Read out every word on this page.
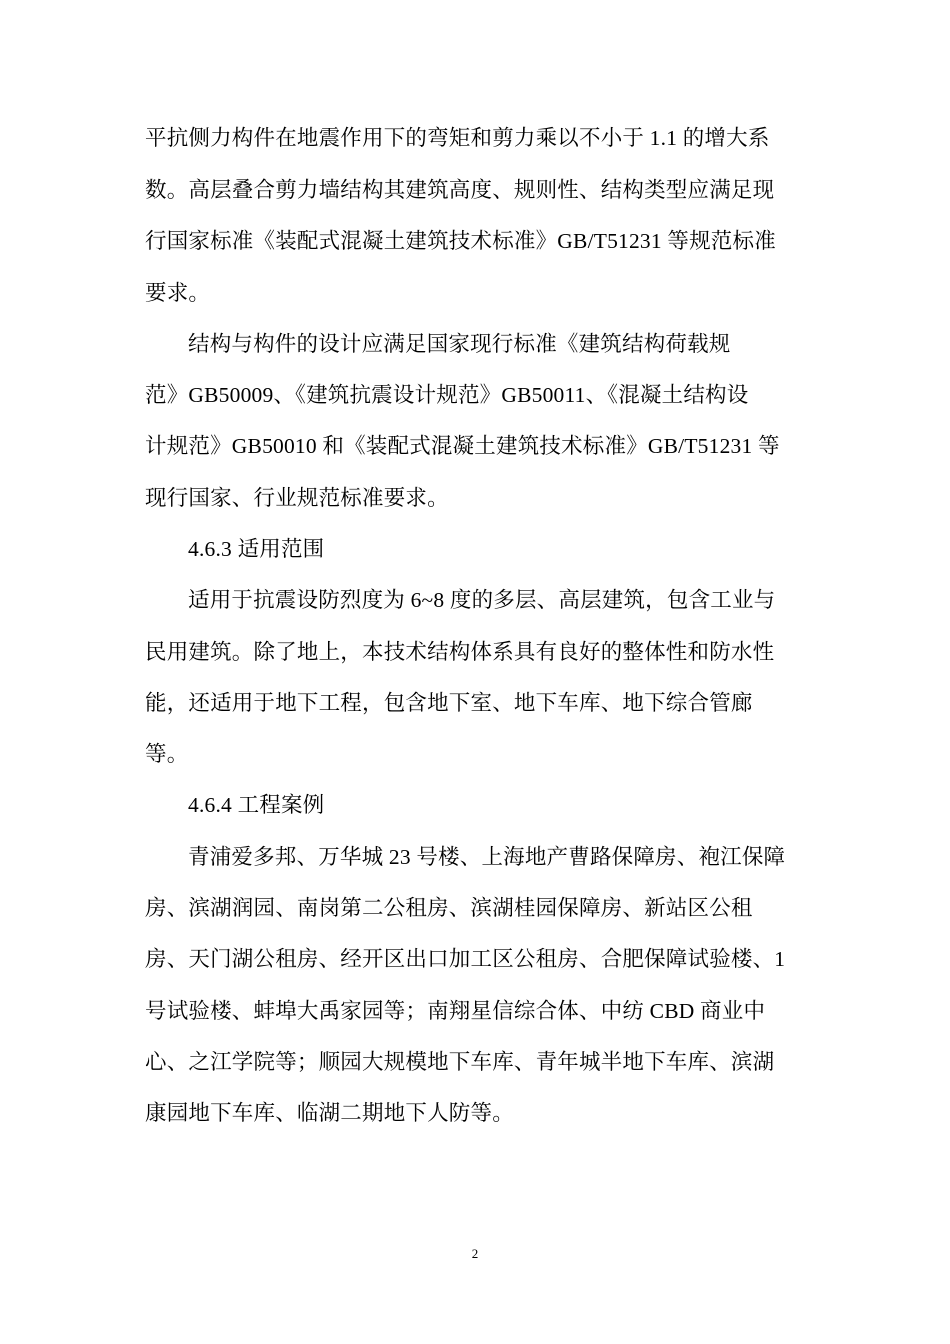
平抗侧力构件在地震作用下的弯矩和剪力乘以不小于 1.1 的增大系
数。高层叠合剪力墙结构其建筑高度、规则性、结构类型应满足现
行国家标准《装配式混凝土建筑技术标准》GB/T51231 等规范标准
要求。
结构与构件的设计应满足国家现行标准《建筑结构荷载规
范》GB50009、《建筑抗震设计规范》GB50011、《混凝土结构设
计规范》GB50010 和《装配式混凝土建筑技术标准》GB/T51231 等
现行国家、行业规范标准要求。
4.6.3 适用范围
适用于抗震设防烈度为 6~8 度的多层、高层建筑，包含工业与
民用建筑。除了地上，本技术结构体系具有良好的整体性和防水性
能，还适用于地下工程，包含地下室、地下车库、地下综合管廊
等。
4.6.4 工程案例
青浦爱多邦、万华城 23 号楼、上海地产曹路保障房、袍江保障
房、滨湖润园、南岗第二公租房、滨湖桂园保障房、新站区公租
房、天门湖公租房、经开区出口加工区公租房、合肥保障试验楼、1
号试验楼、蚌埠大禹家园等；南翔星信综合体、中纺 CBD 商业中
心、之江学院等；顺园大规模地下车库、青年城半地下车库、滨湖
康园地下车库、临湖二期地下人防等。
2
